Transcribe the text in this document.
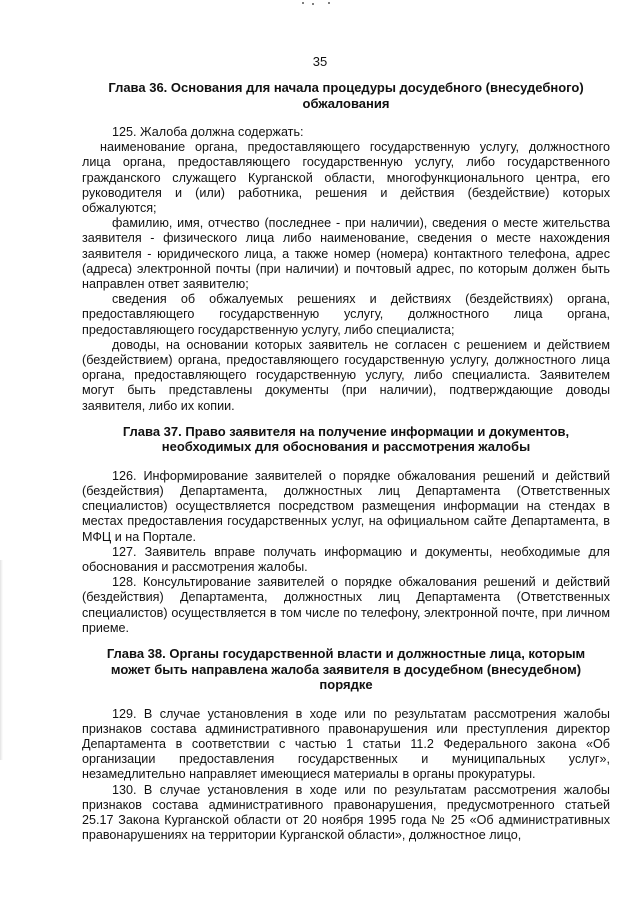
35
Глава 36. Основания для начала процедуры досудебного (внесудебного) обжалования

125. Жалоба должна содержать:

наименование органа, предоставляющего государственную услугу, должностного лица органа, предоставляющего государственную услугу, либо государственного гражданского служащего Курганской области, многофункционального центра, его руководителя и (или) работника, решения и действия (бездействие) которых обжалуются;

фамилию, имя, отчество (последнее - при наличии), сведения о месте жительства заявителя - физического лица либо наименование, сведения о месте нахождения заявителя - юридического лица, а также номер (номера) контактного телефона, адрес (адреса) электронной почты (при наличии) и почтовый адрес, по которым должен быть направлен ответ заявителю;

сведения об обжалуемых решениях и действиях (бездействиях) органа, предоставляющего государственную услугу, должностного лица органа, предоставляющего государственную услугу, либо специалиста;

доводы, на основании которых заявитель не согласен с решением и действием (бездействием) органа, предоставляющего государственную услугу, должностного лица органа, предоставляющего государственную услугу, либо специалиста. Заявителем могут быть представлены документы (при наличии), подтверждающие доводы заявителя, либо их копии.

Глава 37. Право заявителя на получение информации и документов, необходимых для обоснования и рассмотрения жалобы

126. Информирование заявителей о порядке обжалования решений и действий (бездействия) Департамента, должностных лиц Департамента (Ответственных специалистов) осуществляется посредством размещения информации на стендах в местах предоставления государственных услуг, на официальном сайте Департамента, в МФЦ и на Портале.

127. Заявитель вправе получать информацию и документы, необходимые для обоснования и рассмотрения жалобы.

128. Консультирование заявителей о порядке обжалования решений и действий (бездействия) Департамента, должностных лиц Департамента (Ответственных специалистов) осуществляется в том числе по телефону, электронной почте, при личном приеме.

Глава 38. Органы государственной власти и должностные лица, которым может быть направлена жалоба заявителя в досудебном (внесудебном) порядке

129. В случае установления в ходе или по результатам рассмотрения жалобы признаков состава административного правонарушения или преступления директор Департамента в соответствии с частью 1 статьи 11.2 Федерального закона «Об организации предоставления государственных и муниципальных услуг», незамедлительно направляет имеющиеся материалы в органы прокуратуры.

130. В случае установления в ходе или по результатам рассмотрения жалобы признаков состава административного правонарушения, предусмотренного статьей 25.17 Закона Курганской области от 20 ноября 1995 года № 25 «Об административных правонарушениях на территории Курганской области», должностное лицо,
